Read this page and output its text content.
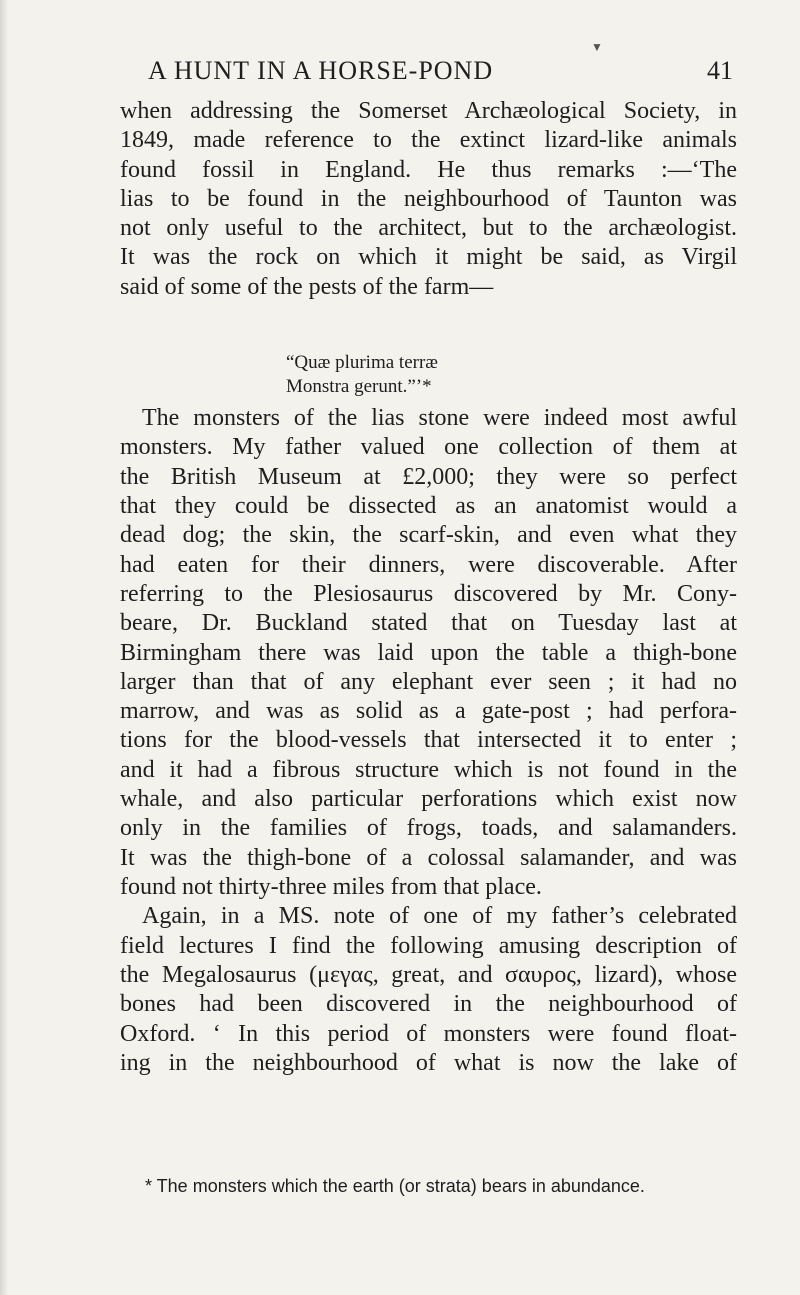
▼
A HUNT IN A HORSE-POND	41
when addressing the Somerset Archæological Society, in
1849, made reference to the extinct lizard-like animals
found fossil in England. He thus remarks :—‘The
lias to be found in the neighbourhood of Taunton was
not only useful to the architect, but to the archæologist.
It was the rock on which it might be said, as Virgil
said of some of the pests of the farm—
“Quæ plurima terræ
Monstra gerunt.”’*
The monsters of the lias stone were indeed most awful
monsters. My father valued one collection of them at
the British Museum at £2,000; they were so perfect
that they could be dissected as an anatomist would a
dead dog; the skin, the scarf-skin, and even what they
had eaten for their dinners, were discoverable. After
referring to the Plesiosaurus discovered by Mr. Cony-
beare, Dr. Buckland stated that on Tuesday last at
Birmingham there was laid upon the table a thigh-bone
larger than that of any elephant ever seen ; it had no
marrow, and was as solid as a gate-post ; had perfora-
tions for the blood-vessels that intersected it to enter ;
and it had a fibrous structure which is not found in the
whale, and also particular perforations which exist now
only in the families of frogs, toads, and salamanders.
It was the thigh-bone of a colossal salamander, and was
found not thirty-three miles from that place.
Again, in a MS. note of one of my father’s celebrated
field lectures I find the following amusing description of
the Megalosaurus (μεγας, great, and σαυρος, lizard), whose
bones had been discovered in the neighbourhood of
Oxford. ‘ In this period of monsters were found float-
ing in the neighbourhood of what is now the lake of
* The monsters which the earth (or strata) bears in abundance.
